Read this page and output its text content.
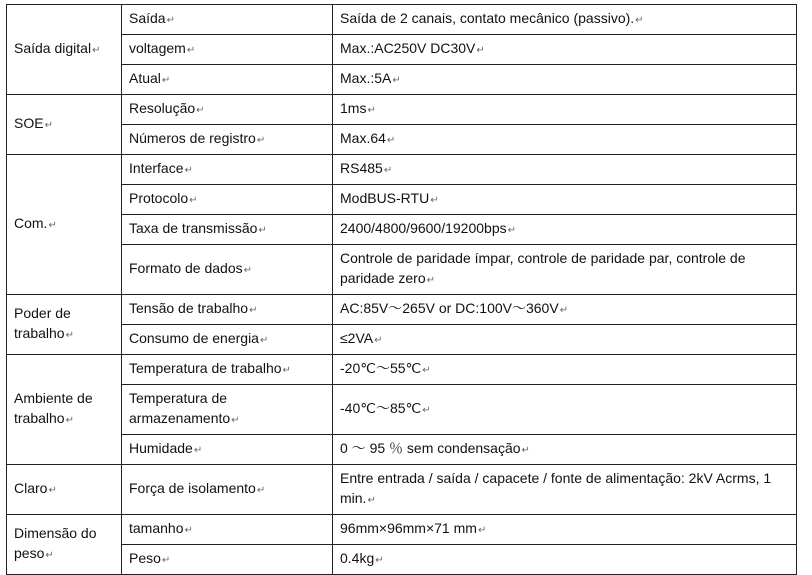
Saída digital↵	Saída↵	Saída de 2 canais, contato mecânico (passivo).↵
	voltagem↵	Max.:AC250V DC30V↵
	Atual↵	Max.:5A↵
SOE↵	Resolução↵	1ms↵
	Números de registro↵	Max.64↵
Com.↵	Interface↵	RS485↵
	Protocolo↵	ModBUS-RTU↵
	Taxa de transmissão↵	2400/4800/9600/19200bps↵
	Formato de dados↵	Controle de paridade ímpar, controle de paridade par, controle de paridade zero↵
Poder de trabalho↵	Tensão de trabalho↵	AC:85V～265V or DC:100V～360V↵
	Consumo de energia↵	≤2VA↵
Ambiente de trabalho↵	Temperatura de trabalho↵	-20℃～55℃↵
	Temperatura de armazenamento↵	-40℃～85℃↵
	Humidade↵	0 ～ 95 ％ sem condensação↵
Claro↵	Força de isolamento↵	Entre entrada / saída / capacete / fonte de alimentação: 2kV Acrms, 1 min.↵
Dimensão do peso↵	tamanho↵	96mm×96mm×71 mm↵
	Peso↵	0.4kg↵
